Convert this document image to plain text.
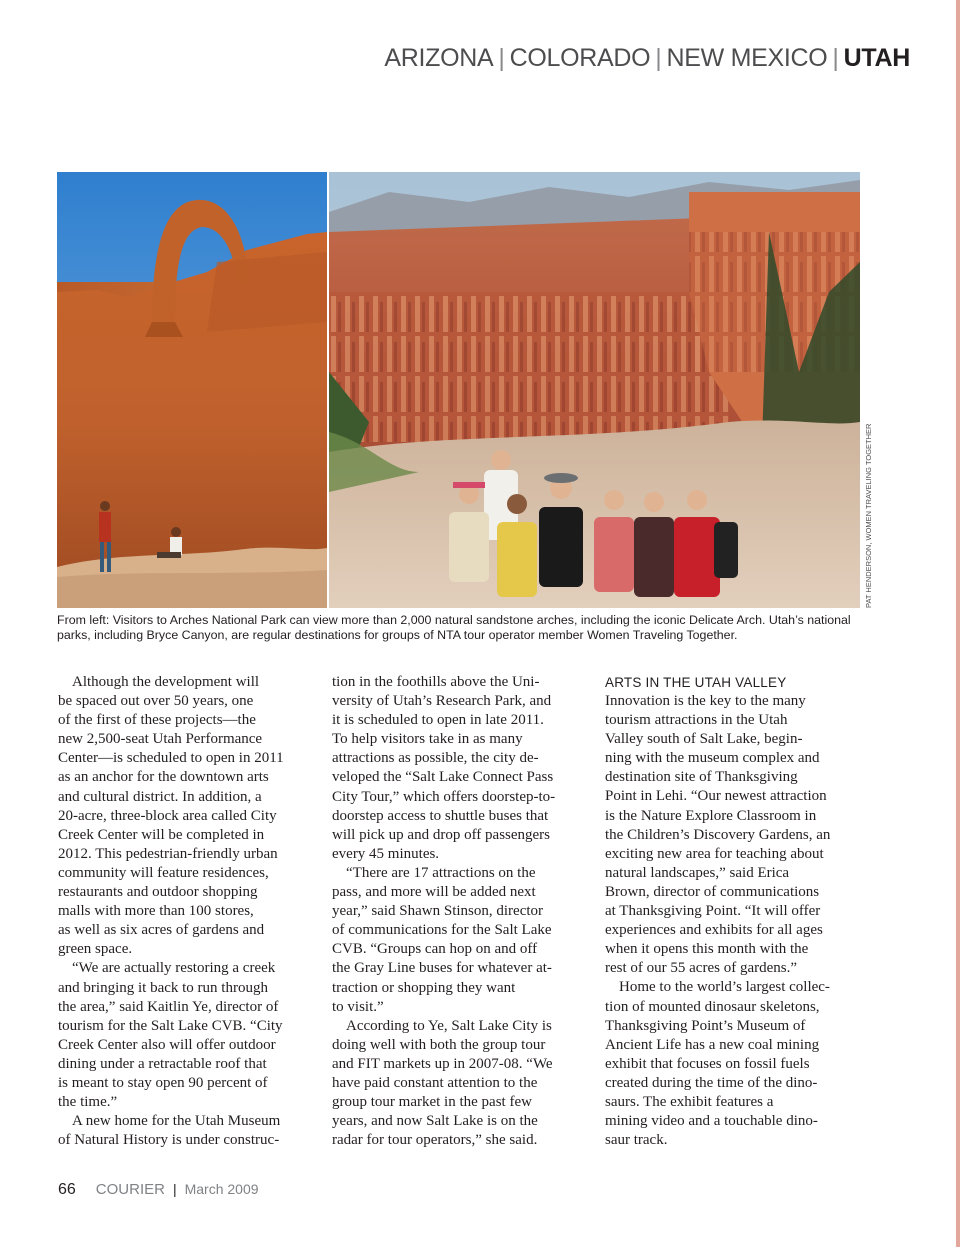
ARIZONA | COLORADO | NEW MEXICO | UTAH
PAT HENDERSON, WOMEN TRAVELING TOGETHER
From left: Visitors to Arches National Park can view more than 2,000 natural sandstone arches, including the iconic Delicate Arch. Utah’s national parks, including Bryce Canyon, are regular destinations for groups of NTA tour operator member Women Traveling Together.

Although the development will
be spaced out over 50 years, one
of the first of these projects—the
new 2,500-seat Utah Performance
Center—is scheduled to open in 2011
as an anchor for the downtown arts
and cultural district. In addition, a
20-acre, three-block area called City
Creek Center will be completed in
2012. This pedestrian-friendly urban
community will feature residences,
restaurants and outdoor shopping
malls with more than 100 stores,
as well as six acres of gardens and
green space.

“We are actually restoring a creek
and bringing it back to run through
the area,” said Kaitlin Ye, director of
tourism for the Salt Lake CVB. “City
Creek Center also will offer outdoor
dining under a retractable roof that
is meant to stay open 90 percent of
the time.”

A new home for the Utah Museum
of Natural History is under construc-

tion in the foothills above the Uni-
versity of Utah’s Research Park, and
it is scheduled to open in late 2011.
To help visitors take in as many
attractions as possible, the city de-
veloped the “Salt Lake Connect Pass
City Tour,” which offers doorstep-to-
doorstep access to shuttle buses that
will pick up and drop off passengers
every 45 minutes.

“There are 17 attractions on the
pass, and more will be added next
year,” said Shawn Stinson, director
of communications for the Salt Lake
CVB. “Groups can hop on and off
the Gray Line buses for whatever at-
traction or shopping they want
to visit.”

According to Ye, Salt Lake City is
doing well with both the group tour
and FIT markets up in 2007-08. “We
have paid constant attention to the
group tour market in the past few
years, and now Salt Lake is on the
radar for tour operators,” she said.

ARTS IN THE UTAH VALLEY

Innovation is the key to the many
tourism attractions in the Utah
Valley south of Salt Lake, begin-
ning with the museum complex and
destination site of Thanksgiving
Point in Lehi. “Our newest attraction
is the Nature Explore Classroom in
the Children’s Discovery Gardens, an
exciting new area for teaching about
natural landscapes,” said Erica
Brown, director of communications
at Thanksgiving Point. “It will offer
experiences and exhibits for all ages
when it opens this month with the
rest of our 55 acres of gardens.”

Home to the world’s largest collec-
tion of mounted dinosaur skeletons,
Thanksgiving Point’s Museum of
Ancient Life has a new coal mining
exhibit that focuses on fossil fuels
created during the time of the dino-
saurs. The exhibit features a
mining video and a touchable dino-
saur track.

66 COURIER | March 2009
